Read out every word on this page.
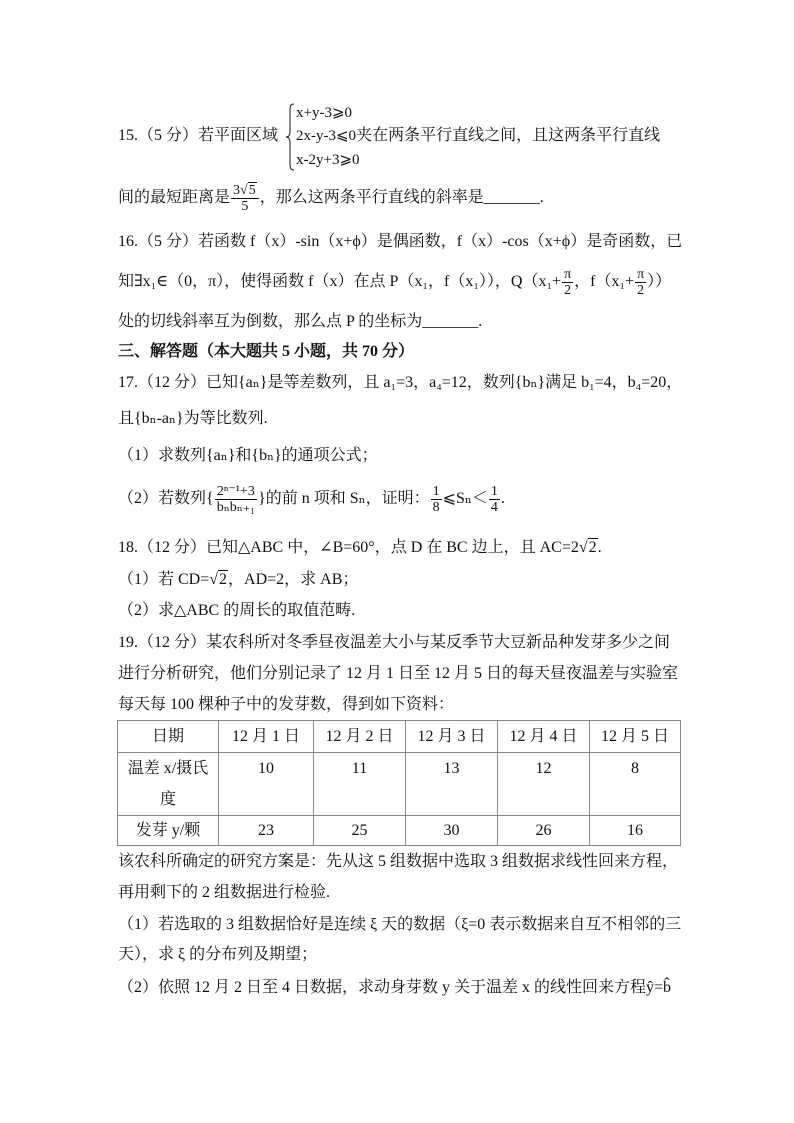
15.（5 分）若平面区域
x+y-3⩾0
2x-y-3⩽0夹在两条平行直线之间，且这两条平行直线
x-2y+3⩾0
间的最短距离是 $\frac{3√5}{5}$ ，那么这两条平行直线的斜率是_______.
16.（5 分）若函数 f（x）-sin（x+ϕ）是偶函数，f（x）-cos（x+ϕ）是奇函数，已
知∃x₁∈（0，π），使得函数 f（x）在点 P（x₁，f（x₁）），$Q(x_1+ \frac{\pi}{2}$ ，$f(x_1+ \frac{\pi}{2}$ ））
处的切线斜率互为倒数，那么点 P 的坐标为_______.
三、解答题（本大题共 5 小题，共 70 分）
17.（12 分）已知{aₙ}是等差数列，且 a₁=3，a₄=12，数列{bₙ}满足 b₁=4，b₄=20，
且{bₙ-aₙ}为等比数列.
（1）求数列{aₙ}和{bₙ}的通项公式；
（2）若数列{ $\frac{\text{2ⁿ⁻¹+3}}{\text{bₙbₙ₊₁}}$ }的前 n 项和 Sₙ，证明： $\frac{1}{8}$ ⩽Sₙ＜ $\frac{1}{4}$ .
18.（12 分）已知△ABC 中，∠B=60°，点 D 在 BC 边上，且 AC=2√2.
（1）若 CD=√2，AD=2，求 AB；
（2）求△ABC 的周长的取值范畴.
19.（12 分）某农科所对冬季昼夜温差大小与某反季节大豆新品种发芽多少之间
进行分析研究，他们分别记录了 12 月 1 日至 12 月 5 日的每天昼夜温差与实验室
每天每 100 棵种子中的发芽数，得到如下资料：
日期	12 月 1 日	12 月 2 日	12 月 3 日	12 月 4 日	12 月 5 日
温差 x/摄氏度	10	11	13	12	8
发芽 y/颗	23	25	30	26	16
该农科所确定的研究方案是：先从这 5 组数据中选取 3 组数据求线性回来方程，
再用剩下的 2 组数据进行检验.
（1）若选取的 3 组数据恰好是连续 ξ 天的数据（ξ=0 表示数据来自互不相邻的三
天），求 ξ 的分布列及期望；
（2）依照 12 月 2 日至 4 日数据，求动身芽数 y 关于温差 x 的线性回来方程ŷ=b̂
